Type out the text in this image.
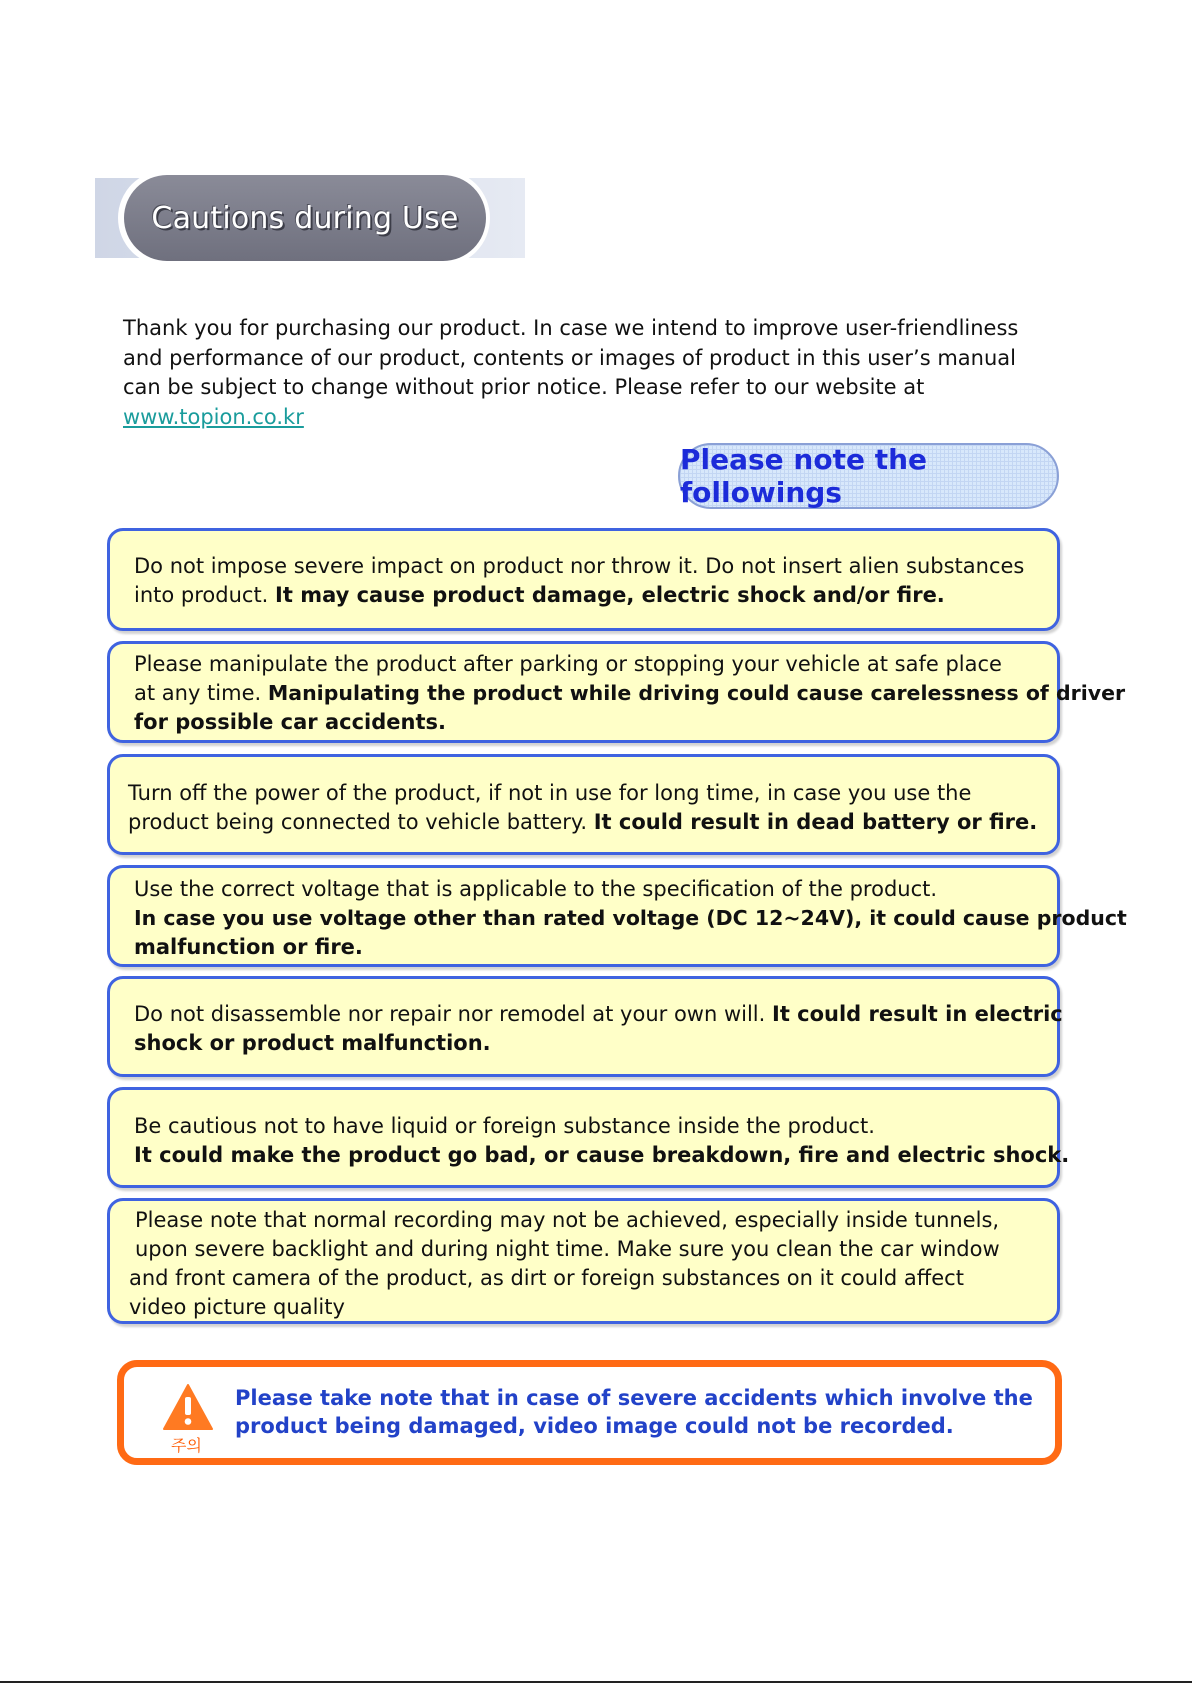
Cautions during Use
Thank you for purchasing our product. In case we intend to improve user-friendliness
and performance of our product, contents or images of product in this user’s manual
can be subject to change without prior notice. Please refer to our website at
www.topion.co.kr
Please note the followings
Do not impose severe impact on product nor throw it. Do not insert alien substances
into product. It may cause product damage, electric shock and/or fire.
Please manipulate the product after parking or stopping your vehicle at safe place
at any time. Manipulating the product while driving could cause carelessness of driver
for possible car accidents.
Turn off the power of the product, if not in use for long time, in case you use the
product being connected to vehicle battery. It could result in dead battery or fire.
Use the correct voltage that is applicable to the specification of the product.
In case you use voltage other than rated voltage (DC 12~24V), it could cause product
malfunction or fire.
Do not disassemble nor repair nor remodel at your own will. It could result in electric
shock or product malfunction.
Be cautious not to have liquid or foreign substance inside the product.
It could make the product go bad, or cause breakdown, fire and electric shock.
Please note that normal recording may not be achieved, especially inside tunnels,
upon severe backlight and during night time. Make sure you clean the car window
and front camera of the product, as dirt or foreign substances on it could affect
video picture quality
주의
Please take note that in case of severe accidents which involve the
product being damaged, video image could not be recorded.
